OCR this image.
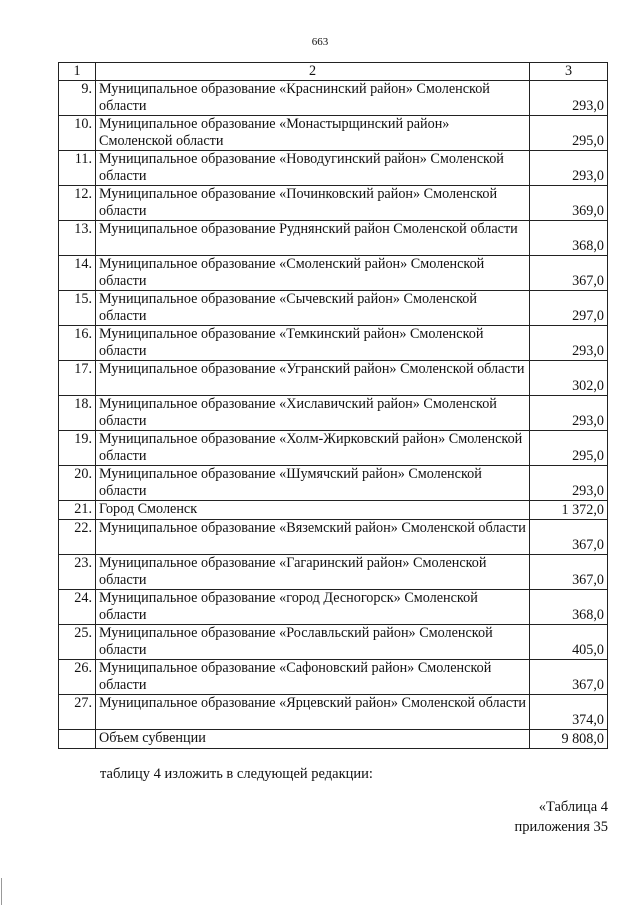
663
1	2	3
9.	Муниципальное образование «Краснинский район» Смоленской области	293,0
10.	Муниципальное образование «Монастырщинский район» Смоленской области	295,0
11.	Муниципальное образование «Новодугинский район» Смоленской области	293,0
12.	Муниципальное образование «Починковский район» Смоленской области	369,0
13.	Муниципальное образование Руднянский район Смоленской области	368,0
14.	Муниципальное образование «Смоленский район» Смоленской области	367,0
15.	Муниципальное образование «Сычевский район» Смоленской области	297,0
16.	Муниципальное образование «Темкинский район» Смоленской области	293,0
17.	Муниципальное образование «Угранский район» Смоленской области	302,0
18.	Муниципальное образование «Хиславичский район» Смоленской области	293,0
19.	Муниципальное образование «Холм-Жирковский район» Смоленской области	295,0
20.	Муниципальное образование «Шумячский район» Смоленской области	293,0
21.	Город Смоленск	1 372,0
22.	Муниципальное образование «Вяземский район» Смоленской области	367,0
23.	Муниципальное образование «Гагаринский район» Смоленской области	367,0
24.	Муниципальное образование «город Десногорск» Смоленской области	368,0
25.	Муниципальное образование «Рославльский район» Смоленской области	405,0
26.	Муниципальное образование «Сафоновский район» Смоленской области	367,0
27.	Муниципальное образование «Ярцевский район» Смоленской области	374,0
	Объем субвенции	9 808,0
таблицу 4 изложить в следующей редакции:
«Таблица 4
приложения 35
